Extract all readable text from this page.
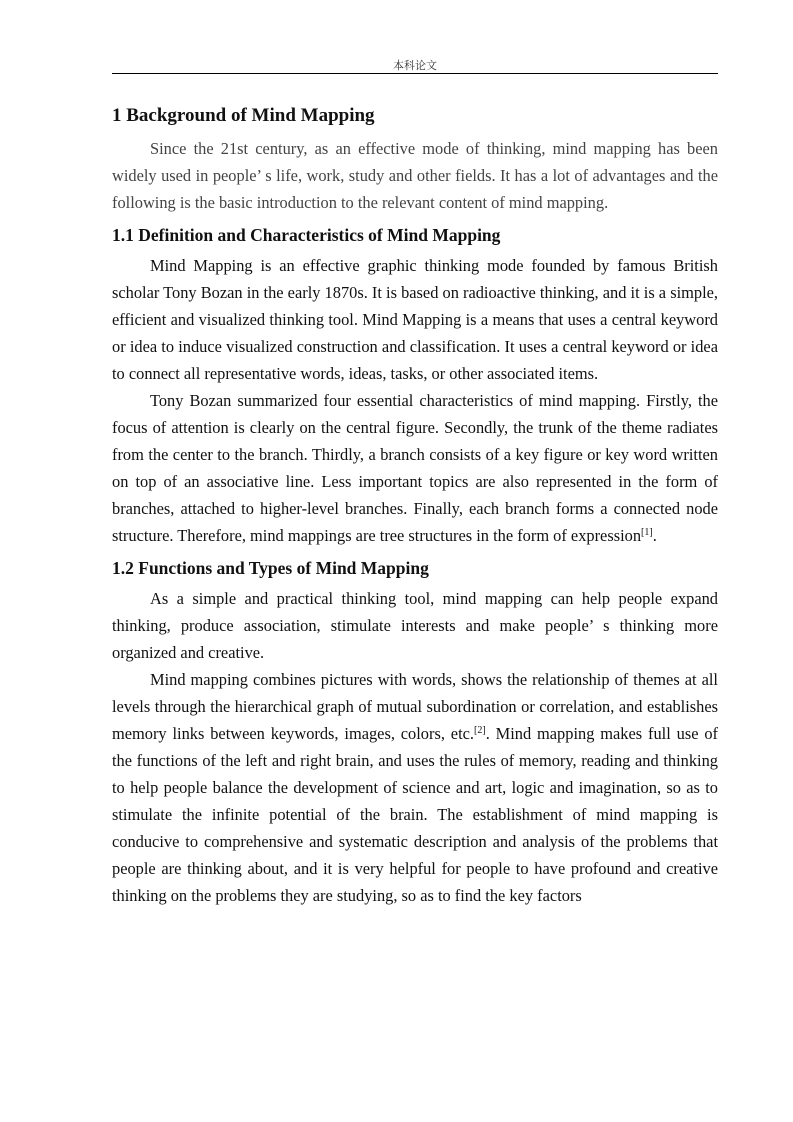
本科论文
1 Background of Mind Mapping

Since the 21st century, as an effective mode of thinking, mind mapping has been widely used in people’ s life, work, study and other fields. It has a lot of advantages and the following is the basic introduction to the relevant content of mind mapping.

1.1 Definition and Characteristics of Mind Mapping

Mind Mapping is an effective graphic thinking mode founded by famous British scholar Tony Bozan in the early 1870s. It is based on radioactive thinking, and it is a simple, efficient and visualized thinking tool. Mind Mapping is a means that uses a central keyword or idea to induce visualized construction and classification. It uses a central keyword or idea to connect all representative words, ideas, tasks, or other associated items.

Tony Bozan summarized four essential characteristics of mind mapping. Firstly, the focus of attention is clearly on the central figure. Secondly, the trunk of the theme radiates from the center to the branch. Thirdly, a branch consists of a key figure or key word written on top of an associative line. Less important topics are also represented in the form of branches, attached to higher-level branches. Finally, each branch forms a connected node structure. Therefore, mind mappings are tree structures in the form of expression[1].

1.2 Functions and Types of Mind Mapping

As a simple and practical thinking tool, mind mapping can help people expand thinking, produce association, stimulate interests and make people’ s thinking more organized and creative.

Mind mapping combines pictures with words, shows the relationship of themes at all levels through the hierarchical graph of mutual subordination or correlation, and establishes memory links between keywords, images, colors, etc.[2]. Mind mapping makes full use of the functions of the left and right brain, and uses the rules of memory, reading and thinking to help people balance the development of science and art, logic and imagination, so as to stimulate the infinite potential of the brain. The establishment of mind mapping is conducive to comprehensive and systematic description and analysis of the problems that people are thinking about, and it is very helpful for people to have profound and creative thinking on the problems they are studying, so as to find the key factors
